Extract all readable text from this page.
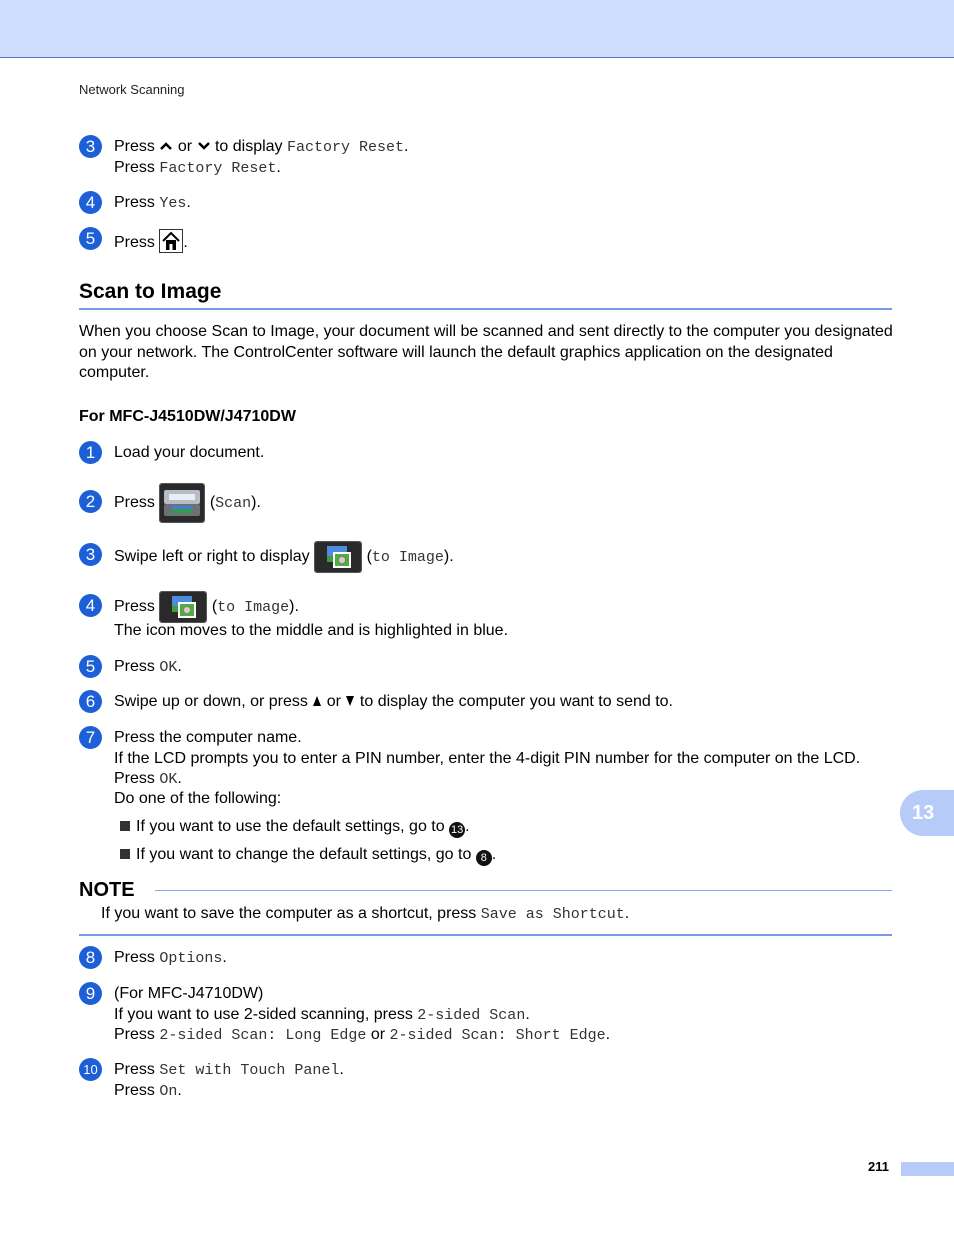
Network Scanning
3	Press or to display Factory Reset.
Press Factory Reset.
4	Press Yes.
5	Press .
Scan to Image
When you choose Scan to Image, your document will be scanned and sent directly to the computer you designated on your network. The ControlCenter software will launch the default graphics application on the designated computer.
For MFC-J4510DW/J4710DW
1	Load your document.
2	Press	(Scan).
3	Swipe left or right to display	(to Image).
4	Press	(to Image).
The icon moves to the middle and is highlighted in blue.
5	Press OK.
6	Swipe up or down, or press or to display the computer you want to send to.
7	Press the computer name.
If the LCD prompts you to enter a PIN number, enter the 4-digit PIN number for the computer on the LCD.
Press OK.
Do one of the following:
If you want to use the default settings, go to 13 .
If you want to change the default settings, go to 8 .
NOTE
If you want to save the computer as a shortcut, press Save as Shortcut.
8	Press Options.
9	(For MFC-J4710DW)
If you want to use 2-sided scanning, press 2-sided Scan.
Press 2-sided Scan: Long Edge or 2-sided Scan: Short Edge.
10 Press Set with Touch Panel.
Press On.
13
211
